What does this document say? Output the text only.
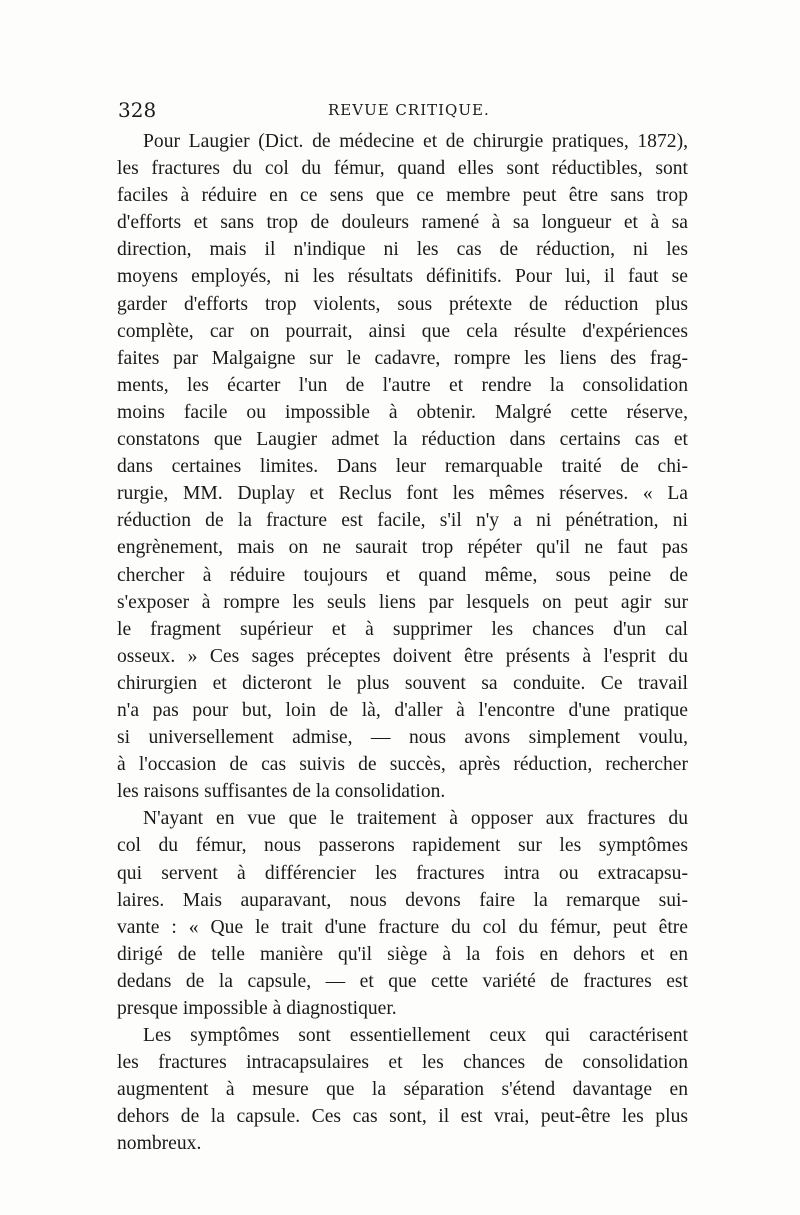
328	REVUE CRITIQUE.
Pour Laugier (Dict. de médecine et de chirurgie pratiques, 1872),
les fractures du col du fémur, quand elles sont réductibles, sont
faciles à réduire en ce sens que ce membre peut être sans trop
d'efforts et sans trop de douleurs ramené à sa longueur et à sa
direction, mais il n'indique ni les cas de réduction, ni les
moyens employés, ni les résultats définitifs. Pour lui, il faut se
garder d'efforts trop violents, sous prétexte de réduction plus
complète, car on pourrait, ainsi que cela résulte d'expériences
faites par Malgaigne sur le cadavre, rompre les liens des frag-
ments, les écarter l'un de l'autre et rendre la consolidation
moins facile ou impossible à obtenir. Malgré cette réserve,
constatons que Laugier admet la réduction dans certains cas et
dans certaines limites. Dans leur remarquable traité de chi-
rurgie, MM. Duplay et Reclus font les mêmes réserves. « La
réduction de la fracture est facile, s'il n'y a ni pénétration, ni
engrènement, mais on ne saurait trop répéter qu'il ne faut pas
chercher à réduire toujours et quand même, sous peine de
s'exposer à rompre les seuls liens par lesquels on peut agir sur
le fragment supérieur et à supprimer les chances d'un cal
osseux. » Ces sages préceptes doivent être présents à l'esprit du
chirurgien et dicteront le plus souvent sa conduite. Ce travail
n'a pas pour but, loin de là, d'aller à l'encontre d'une pratique
si universellement admise, — nous avons simplement voulu,
à l'occasion de cas suivis de succès, après réduction, rechercher
les raisons suffisantes de la consolidation.
N'ayant en vue que le traitement à opposer aux fractures du
col du fémur, nous passerons rapidement sur les symptômes
qui servent à différencier les fractures intra ou extracapsu-
laires. Mais auparavant, nous devons faire la remarque sui-
vante : « Que le trait d'une fracture du col du fémur, peut être
dirigé de telle manière qu'il siège à la fois en dehors et en
dedans de la capsule, — et que cette variété de fractures est
presque impossible à diagnostiquer.
Les symptômes sont essentiellement ceux qui caractérisent
les fractures intracapsulaires et les chances de consolidation
augmentent à mesure que la séparation s'étend davantage en
dehors de la capsule. Ces cas sont, il est vrai, peut-être les plus
nombreux.
